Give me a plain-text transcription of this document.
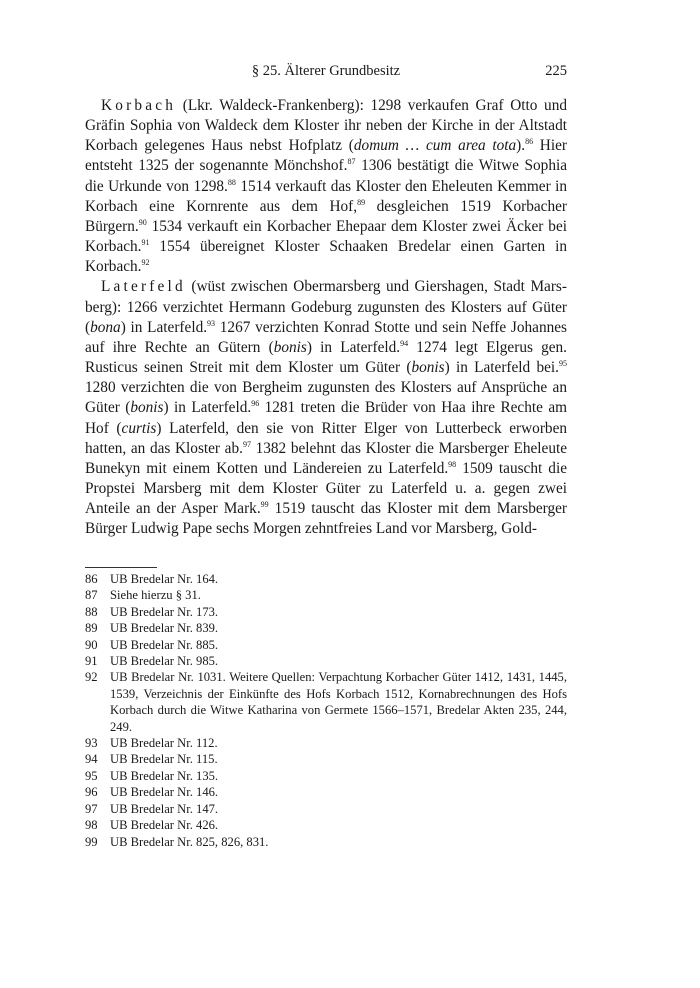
§ 25. Älterer Grundbesitz	225

Korbach (Lkr. Waldeck-Frankenberg): 1298 verkaufen Graf Otto und Gräfin Sophia von Waldeck dem Kloster ihr neben der Kirche in der Altstadt Korbach gelegenes Haus nebst Hofplatz (domum … cum area tota).$^{86}$ Hier entsteht 1325 der sogenannte Mönchshof.$^{87}$ 1306 bestätigt die Witwe Sophia die Urkunde von 1298.88 1514 verkauft das Kloster den Eheleuten Kemmer in Korbach eine Kornrente aus dem Hof,$^{89}$ desgleichen 1519 Korbacher Bürgern.$^{90}$ 1534 verkauft ein Korbacher Ehepaar dem Kloster zwei Äcker bei Korbach.$^{91}$ 1554 übereignet Kloster Schaaken Bredelar einen Garten in Korbach.$^{92}$

Laterfeld (wüst zwischen Obermarsberg und Giershagen, Stadt Marsberg): 1266 verzichtet Hermann Godeburg zugunsten des Klosters auf Güter (bona) in Laterfeld.$^{93}$ 1267 verzichten Konrad Stotte und sein Neffe Johannes auf ihre Rechte an Gütern (bonis) in Laterfeld.$^{94}$ 1274 legt Elgerus gen. Rusticus seinen Streit mit dem Kloster um Güter (bonis) in Laterfeld bei.$^{95}$ 1280 verzichten die von Bergheim zugunsten des Klosters auf Ansprüche an Güter (bonis) in Laterfeld.$^{96}$ 1281 treten die Brüder von Haa ihre Rechte am Hof (curtis) Laterfeld, den sie von Ritter Elger von Lutterbeck erworben hatten, an das Kloster ab.$^{97}$ 1382 belehnt das Kloster die Marsberger Eheleute Bunekyn mit einem Kotten und Ländereien zu Laterfeld.$^{98}$ 1509 tauscht die Propstei Marsberg mit dem Kloster Güter zu Laterfeld u. a. gegen zwei Anteile an der Asper Mark.$^{99}$ 1519 tauscht das Kloster mit dem Marsberger Bürger Ludwig Pape sechs Morgen zehntfreies Land vor Marsberg, Gold-

86 UB Bredelar Nr. 164.
87 Siehe hierzu § 31.
88 UB Bredelar Nr. 173.
89 UB Bredelar Nr. 839.
90 UB Bredelar Nr. 885.
91 UB Bredelar Nr. 985.
92 UB Bredelar Nr. 1031. Weitere Quellen: Verpachtung Korbacher Güter 1412, 1431, 1445, 1539, Verzeichnis der Einkünfte des Hofs Korbach 1512, Kornabrechnungen des Hofs Korbach durch die Witwe Katharina von Germete 1566–1571, Bredelar Akten 235, 244, 249.
93 UB Bredelar Nr. 112.
94 UB Bredelar Nr. 115.
95 UB Bredelar Nr. 135.
96 UB Bredelar Nr. 146.
97 UB Bredelar Nr. 147.
98 UB Bredelar Nr. 426.
99 UB Bredelar Nr. 825, 826, 831.
